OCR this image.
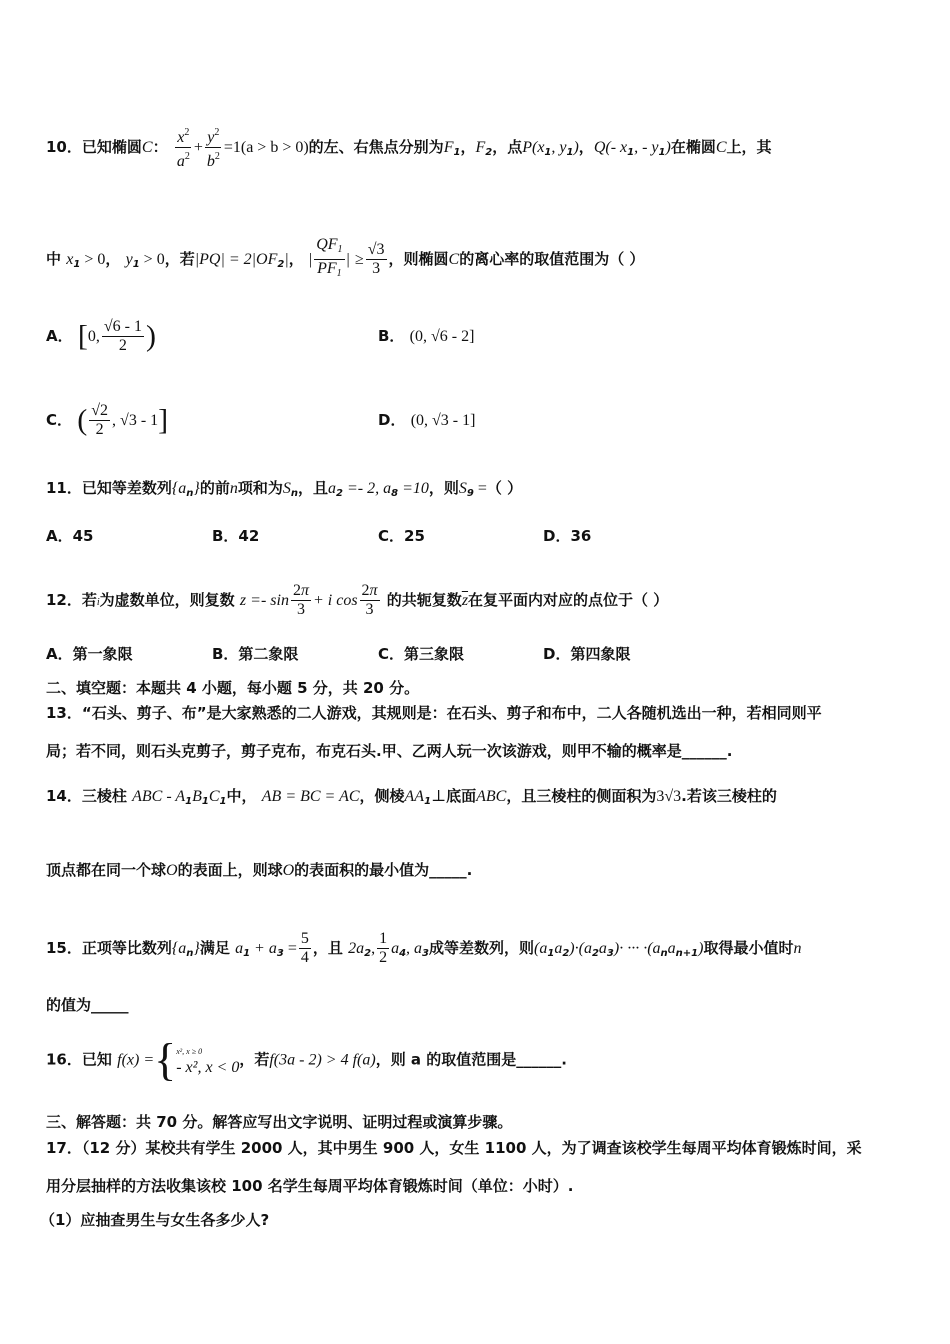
10．已知椭圆C： $\frac{x^2}{a^2} + \frac{y^2}{b^2} =1(a > b > 0)$的左、右焦点分别为$F_1$，$F_2$，点$P(x_1$, $y_1$)，Q(- $x_1$, - $y_1$)在椭圆C上，其
中 $x_1 > 0$， $y_1 > 0$，若$|PQ| = 2|OF_2|$， | $\frac{QF_1}{PF_1}$ | ≥ $\frac{√3}{3}$ ，则椭圆C的离心率的取值范围为（ ）
A． [0, $\frac{√6 - 1}{2}$ )	B． (0, √6 - 2]
C． ( $\frac{√2}{2}$ , √3 - 1]	D． (0, √3 - 1]
11．已知等差数列$\{a_n\}$的前n项和为$S_n$，且$a_2 =- 2$, $a_8 =10$，则$S_9$ =（ ）
A．45	B．42	C．25	D．36
12．若i为虚数单位，则复数 $z =- \sin \frac{2\pi}{3} + i$ $\cos \frac{2\pi}{3}$ 的共轭复数$\overline{z}$在复平面内对应的点位于（ ）
A．第一象限	B．第二象限	C．第三象限	D．第四象限
二、填空题：本题共 4 小题，每小题 5 分，共 20 分。
13．“石头、剪子、布”是大家熟悉的二人游戏，其规则是：在石头、剪子和布中，二人各随机选出一种，若相同则平
局；若不同，则石头克剪子，剪子克布，布克石头.甲、乙两人玩一次该游戏，则甲不输的概率是______.
14．三棱柱 ABC - $A_1B_1C_1$中， AB = BC = AC，侧棱$AA_1\perp$底面ABC，且三棱柱的侧面积为3√3.若该三棱柱的
顶点都在同一个球O的表面上，则球O的表面积的最小值为_____.
15．正项等比数列$\{a_n\}$满足 $a_1 + a_3 = \frac{5}{4}$ ，且 $2a_2$, $\frac{1}{2} a_4$, $a_3$成等差数列，则$(a_1a_2)\cdot(a_2a_3)\cdot$ ··· $\cdot(a_na_{n+1})$取得最小值时n
的值为_____
16．已知 f(x) ={ x², x ≥ 0
- x², x < 0 ，若f(3a - 2) > 4 f(a)，则 a 的取值范围是______.
三、解答题：共 70 分。解答应写出文字说明、证明过程或演算步骤。
17．（12 分）某校共有学生 2000 人，其中男生 900 人，女生 1100 人，为了调查该校学生每周平均体育锻炼时间，采
用分层抽样的方法收集该校 100 名学生每周平均体育锻炼时间（单位：小时）.
（1）应抽查男生与女生各多少人?
